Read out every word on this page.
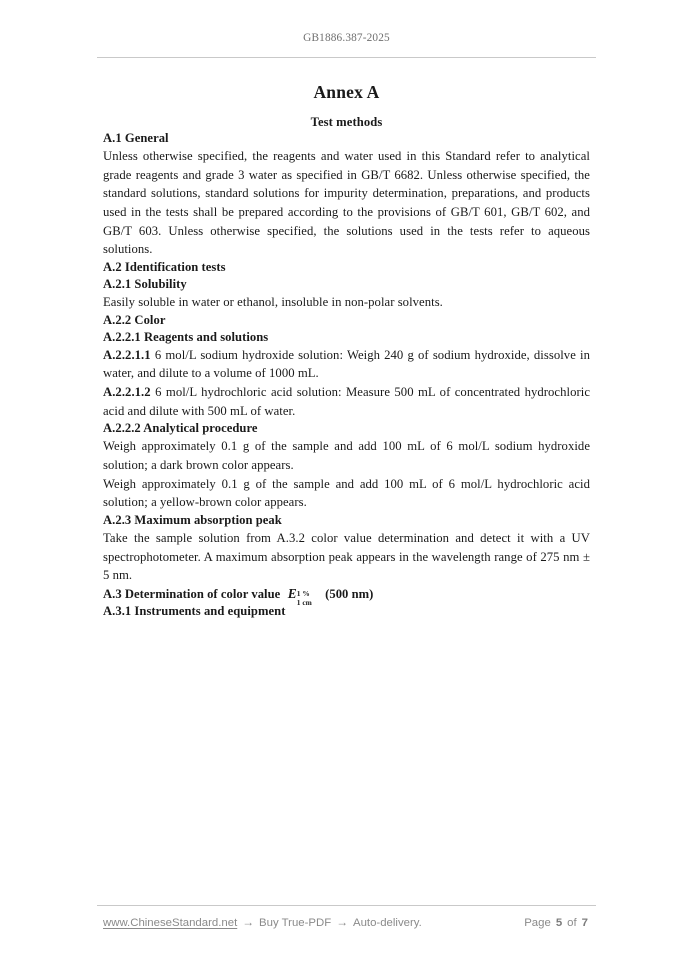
GB1886.387-2025
Annex A
Test methods
A.1 General

Unless otherwise specified, the reagents and water used in this Standard refer to analytical grade reagents and grade 3 water as specified in GB/T 6682. Unless otherwise specified, the standard solutions, standard solutions for impurity determination, preparations, and products used in the tests shall be prepared according to the provisions of GB/T 601, GB/T 602, and GB/T 603. Unless otherwise specified, the solutions used in the tests refer to aqueous solutions.

A.2 Identification tests
A.2.1 Solubility

Easily soluble in water or ethanol, insoluble in non-polar solvents.

A.2.2 Color
A.2.2.1 Reagents and solutions

A.2.2.1.1 6 mol/L sodium hydroxide solution: Weigh 240 g of sodium hydroxide, dissolve in water, and dilute to a volume of 1000 mL.

A.2.2.1.2 6 mol/L hydrochloric acid solution: Measure 500 mL of concentrated hydrochloric acid and dilute with 500 mL of water.

A.2.2.2 Analytical procedure

Weigh approximately 0.1 g of the sample and add 100 mL of 6 mol/L sodium hydroxide solution; a dark brown color appears.

Weigh approximately 0.1 g of the sample and add 100 mL of 6 mol/L hydrochloric acid solution; a yellow-brown color appears.

A.2.3 Maximum absorption peak

Take the sample solution from A.3.2 color value determination and detect it with a UV spectrophotometer. A maximum absorption peak appears in the wavelength range of 275 nm ± 5 nm.

A.3 Determination of color value E 1 %
1 cm
(500 nm)
A.3.1 Instruments and equipment
www.ChineseStandard.net → Buy True-PDF → Auto-delivery.	Page 5 of 7
